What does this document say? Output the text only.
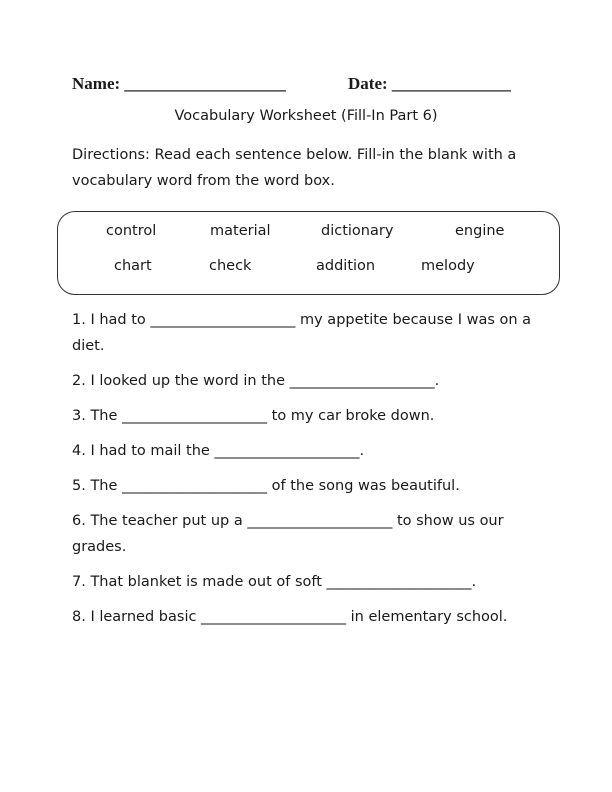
Name: ___________________	Date: ______________
Vocabulary Worksheet (Fill-In Part 6)
Directions: Read each sentence below. Fill-in the blank with a vocabulary word from the word box.
control	material	dictionary	engine
chart	check	addition	melody
1. I had to ____________________ my appetite because I was on a diet.
2. I looked up the word in the ____________________.
3. The ____________________ to my car broke down.
4. I had to mail the ____________________.
5. The ____________________ of the song was beautiful.
6. The teacher put up a ____________________ to show us our grades.
7. That blanket is made out of soft ____________________.
8. I learned basic ____________________ in elementary school.
